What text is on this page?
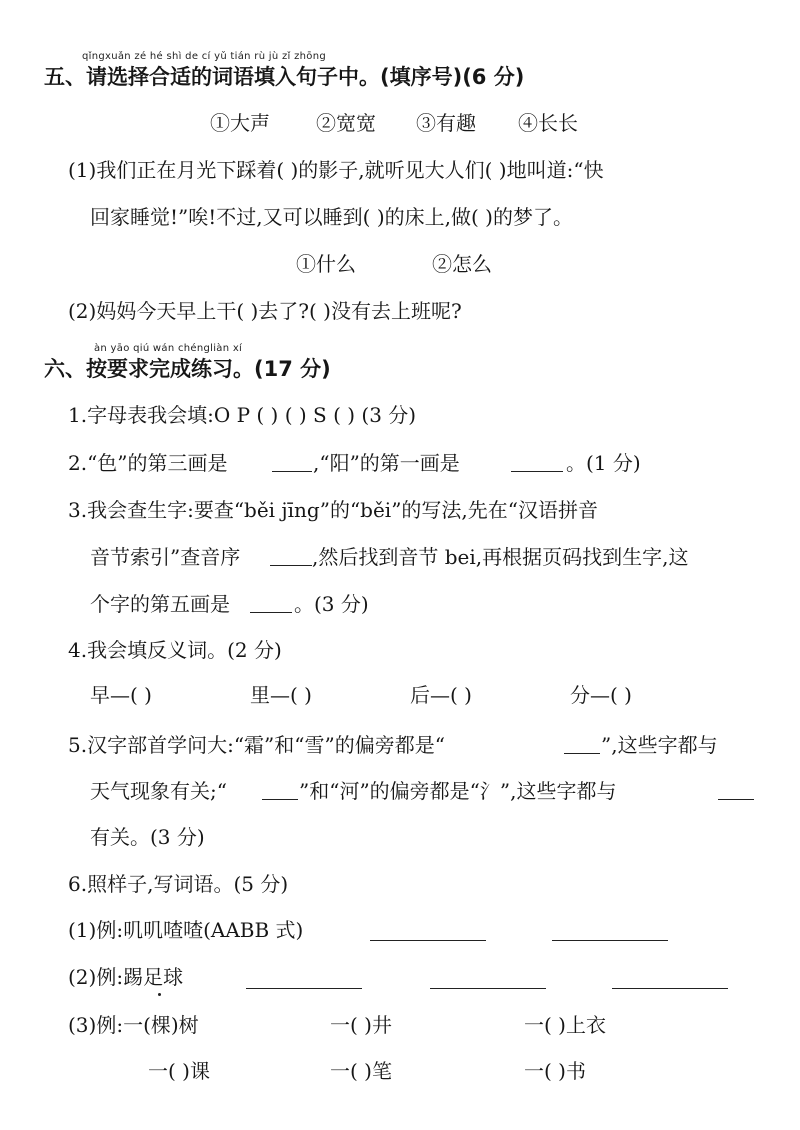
qǐngxuǎn zé hé shì de cí yǔ tián rù jù zǐ zhōng
五、请选择合适的词语填入句子中。(填序号)(6 分)
①大声 ②宽宽 ③有趣 ④长长
(1)我们正在月光下踩着( )的影子,就听见大人们( )地叫道:“快
回家睡觉!”唉!不过,又可以睡到( )的床上,做( )的梦了。
①什么	②怎么
(2)妈妈今天早上干( )去了?( )没有去上班呢?
àn yāo qiú wán chéngliàn xí
六、按要求完成练习。(17 分)
1.字母表我会填:O P ( ) ( ) S ( ) (3 分)
2.“色”的第三画是	,“阳”的第一画是	。(1 分)
3.我会查生字:要查“běi jīng”的“běi”的写法,先在“汉语拼音
音节索引”查音序	,然后找到音节 bei,再根据页码找到生字,这
个字的第五画是	。(3 分)
4.我会填反义词。(2 分)
早—( )	里—( )	后—( )	分—( )
5.汉字部首学问大:“霜”和“雪”的偏旁都是“	”,这些字都与
天气现象有关;“	”和“河”的偏旁都是“氵”,这些字都与
有关。(3 分)
6.照样子,写词语。(5 分)
(1)例:叽叽喳喳(AABB 式)
(2)例:踢足球
(3)例:一(棵)树	一( )井	一( )上衣
一( )课	一( )笔	一( )书
